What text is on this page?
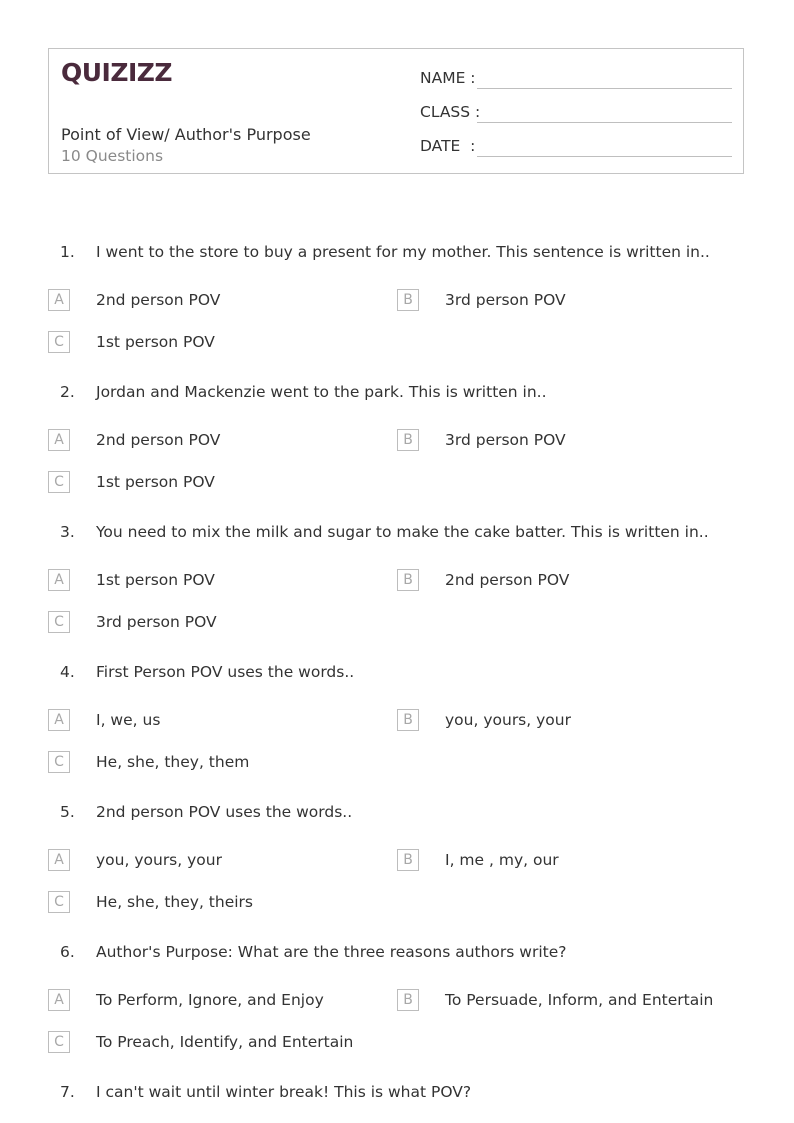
QUIZIZZ
Point of View/ Author's Purpose
10 Questions
NAME :
CLASS :
DATE  :
1. I went to the store to buy a present for my mother. This sentence is written in..
A	2nd person POV	B	3rd person POV
C	1st person POV
2. Jordan and Mackenzie went to the park. This is written in..
A	2nd person POV	B	3rd person POV
C	1st person POV
3. You need to mix the milk and sugar to make the cake batter. This is written in..
A	1st person POV	B	2nd person POV
C	3rd person POV
4. First Person POV uses the words..
A	I, we, us	B	you, yours, your
C	He, she, they, them
5. 2nd person POV uses the words..
A	you, yours, your	B	I, me , my, our
C	He, she, they, theirs
6. Author's Purpose: What are the three reasons authors write?
A	To Perform, Ignore, and Enjoy	B	To Persuade, Inform, and Entertain
C	To Preach, Identify, and Entertain
7. I can't wait until winter break! This is what POV?
